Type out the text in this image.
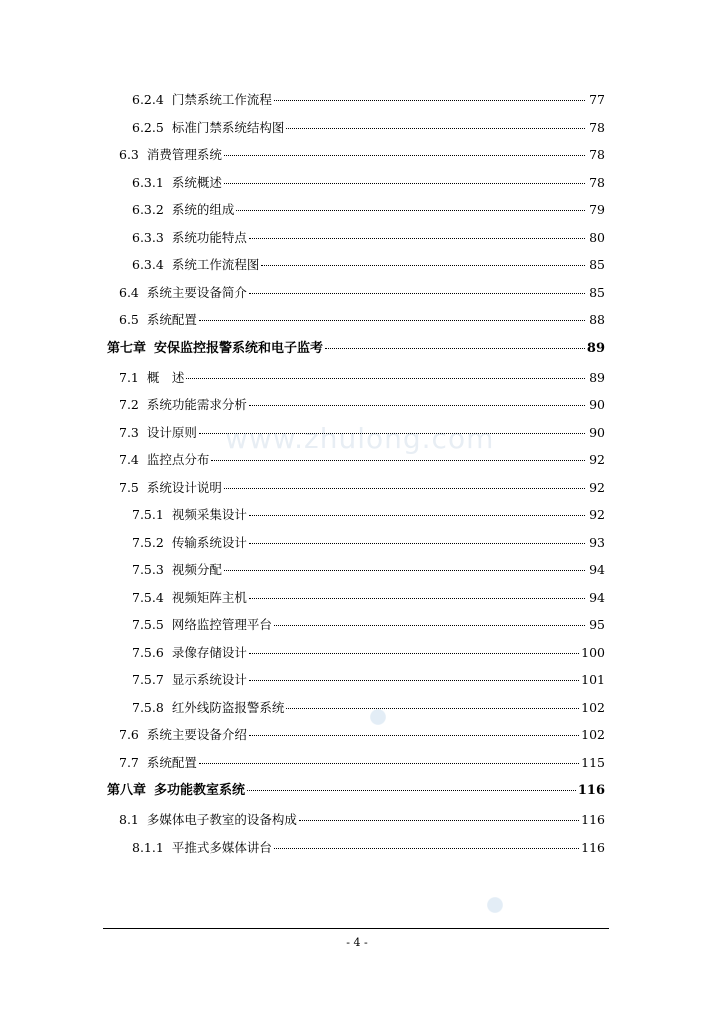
www.zhulong.com
6.2.4 门禁系统工作流程	77
6.2.5 标准门禁系统结构图	78
6.3 消费管理系统	78
6.3.1 系统概述	78
6.3.2 系统的组成	79
6.3.3 系统功能特点	80
6.3.4 系统工作流程图	85
6.4 系统主要设备简介	85
6.5 系统配置	88
第七章 安保监控报警系统和电子监考	89
7.1 概　述	89
7.2 系统功能需求分析	90
7.3 设计原则	90
7.4 监控点分布	92
7.5 系统设计说明	92
7.5.1 视频采集设计	92
7.5.2 传输系统设计	93
7.5.3 视频分配	94
7.5.4 视频矩阵主机	94
7.5.5 网络监控管理平台	95
7.5.6 录像存储设计	100
7.5.7 显示系统设计	101
7.5.8 红外线防盗报警系统	102
7.6 系统主要设备介绍	102
7.7 系统配置	115
第八章 多功能教室系统	116
8.1 多媒体电子教室的设备构成	116
8.1.1 平推式多媒体讲台	116
- 4 -
